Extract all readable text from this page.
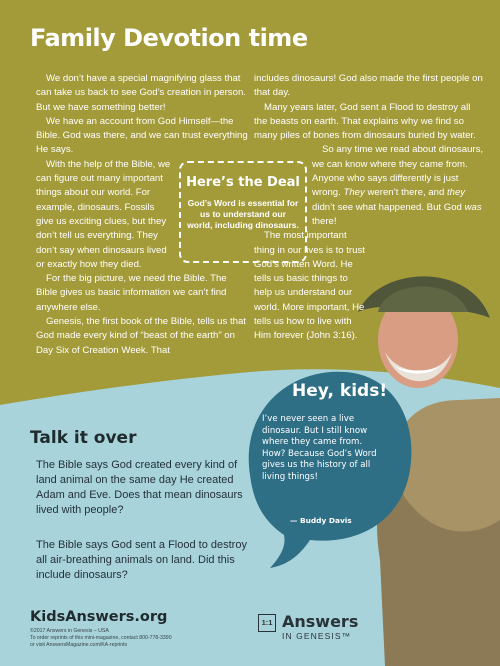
Family Devotion time

We don’t have a special magnifying glass that can take us back to see God’s creation in person. But we have something better!

We have an account from God Himself—the Bible. God was there, and we can trust everything He says.

With the help of the Bible, we can figure out many important things about our world. For example, dinosaurs. Fossils give us exciting clues, but they don’t tell us everything. They don’t say when dinosaurs lived or exactly how they died.

For the big picture, we need the Bible. The Bible gives us basic information we can’t find anywhere else.

Genesis, the first book of the Bible, tells us that God made every kind of “beast of the earth” on Day Six of Creation Week. That

includes dinosaurs! God also made the first people on that day.

Many years later, God sent a Flood to destroy all the beasts on earth. That explains why we find so many piles of bones from dinosaurs buried by water.

So any time we read about dinosaurs, we can know where they came from. Anyone who says differently is just wrong. They weren’t there, and they didn’t see what happened. But God was there!

The most important thing in our lives is to trust God’s written Word. He tells us basic things to help us understand our world. More important, He tells us how to live with Him forever (John 3:16).

Here’s the Deal
God’s Word is essential for us to understand our world, including dinosaurs.
Hey, kids!
I’ve never seen a live dinosaur. But I still know where they came from. How? Because God’s Word gives us the history of all living things!
— Buddy Davis
Talk it over
The Bible says God created every kind of land animal on the same day He created Adam and Eve. Does that mean dinosaurs lived with people?
The Bible says God sent a Flood to destroy all air-breathing animals on land. Did this include dinosaurs?
KidsAnswers.org
©2017 Answers in Genesis – USA
To order reprints of this mini-magazine, contact 800-778-3390
or visit AnswersMagazine.com/KA-reprints
1:1 Answers
IN GENESIS™
